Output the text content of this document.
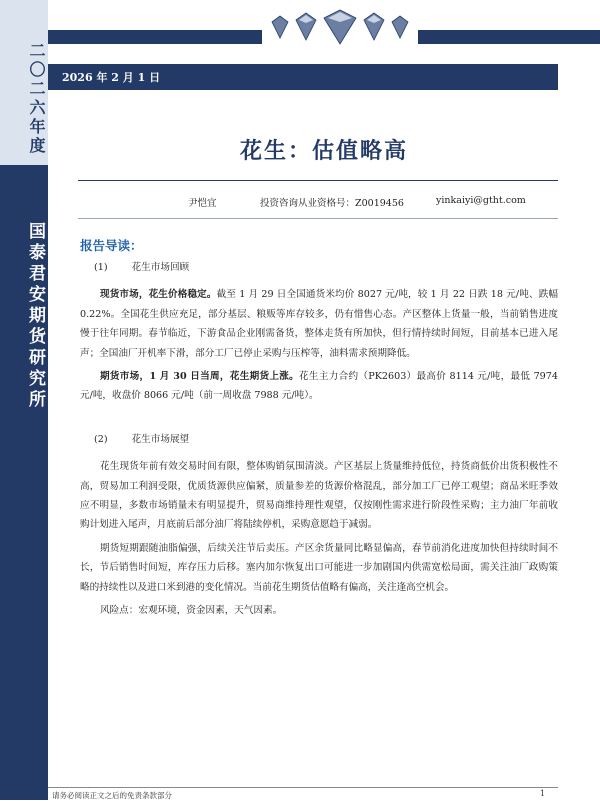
二〇二六年度
国泰君安期货研究所
2026 年 2 月 1 日
花生：估值略高
尹恺宜	投资咨询从业资格号：Z0019456	yinkaiyi@gtht.com
报告导读：
(1)	花生市场回顾

现货市场，花生价格稳定。截至 1 月 29 日全国通货米均价 8027 元/吨，较 1 月 22 日跌 18 元/吨、跌幅 0.22%。全国花生供应充足，部分基层、粮贩等库存较多，仍有惜售心态。产区整体上货量一般，当前销售进度慢于往年同期。春节临近，下游食品企业刚需备货，整体走货有所加快，但行情持续时间短，目前基本已进入尾声；全国油厂开机率下滑，部分工厂已停止采购与压榨等，油料需求预期降低。

期货市场，1 月 30 日当周，花生期货上涨。花生主力合约（PK2603）最高价 8114 元/吨，最低 7974 元/吨，收盘价 8066 元/吨（前一周收盘 7988 元/吨）。

(2)	花生市场展望

花生现货年前有效交易时间有限，整体购销氛围清淡。产区基层上货量维持低位，持货商低价出货积极性不高，贸易加工利润受限，优质货源供应偏紧，质量参差的货源价格混乱，部分加工厂已停工观望；商品米旺季效应不明显，多数市场销量未有明显提升，贸易商维持理性观望，仅按刚性需求进行阶段性采购；主力油厂年前收购计划进入尾声，月底前后部分油厂将陆续停机，采购意愿趋于减弱。

期货短期跟随油脂偏强，后续关注节后卖压。产区余货量同比略显偏高，春节前消化进度加快但持续时间不长，节后销售时间短，库存压力后移。塞内加尔恢复出口可能进一步加剧国内供需宽松局面，需关注油厂政购策略的持续性以及进口米到港的变化情况。当前花生期货估值略有偏高，关注逢高空机会。

风险点：宏观环境，资金因素，天气因素。

请务必阅读正文之后的免责条款部分	1
